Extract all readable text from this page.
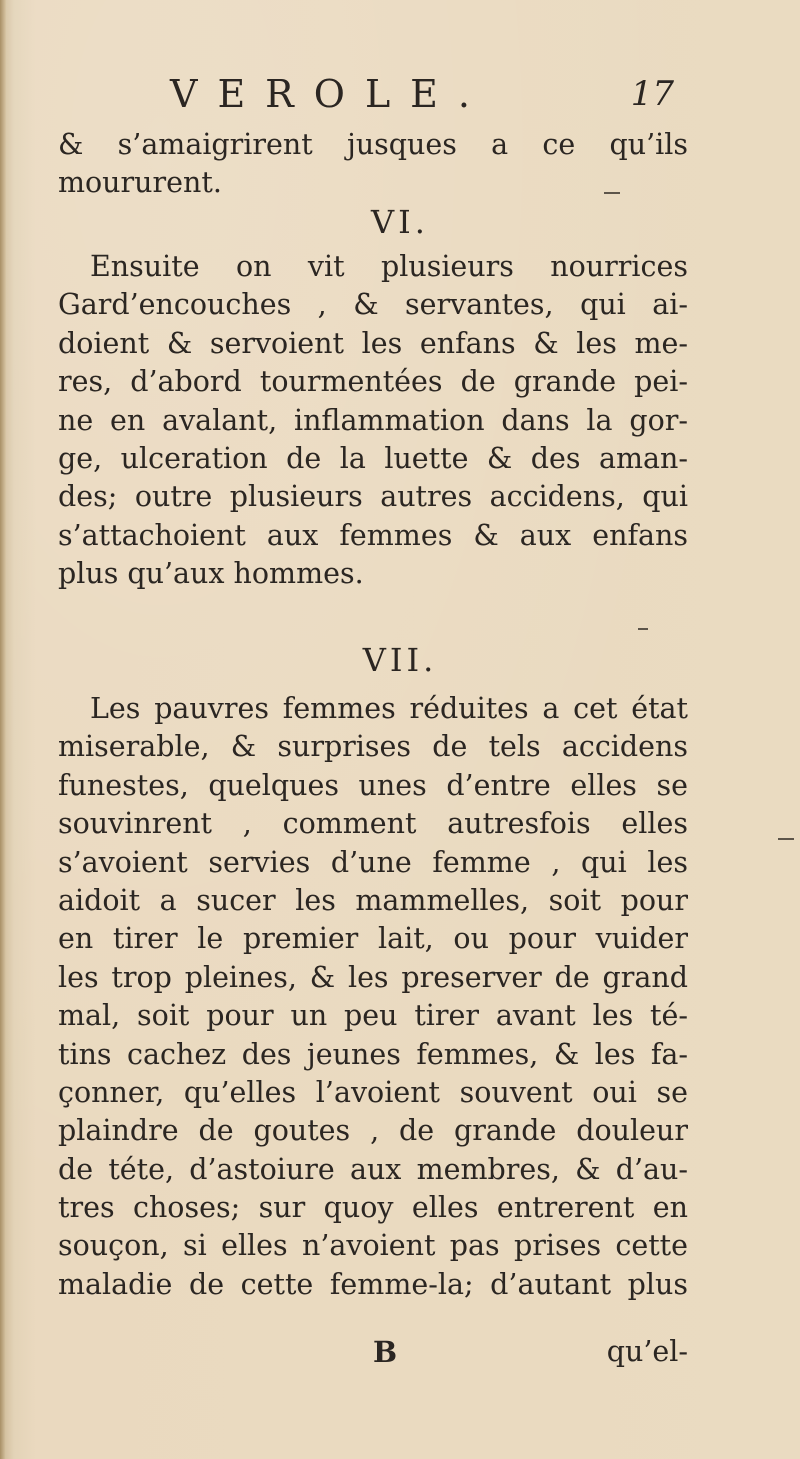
VEROLE.	17
& s’amaigrirent jusques a ce qu’ils
moururent.
VI.
Ensuite on vit plusieurs nourrices
Gard’encouches , & servantes, qui ai-
doient & servoient les enfans & les me-
res, d’abord tourmentées de grande pei-
ne en avalant, inflammation dans la gor-
ge, ulceration de la luette & des aman-
des; outre plusieurs autres accidens, qui
s’attachoient aux femmes & aux enfans
plus qu’aux hommes.
VII.
Les pauvres femmes réduites a cet état
miserable, & surprises de tels accidens
funestes, quelques unes d’entre elles se
souvinrent , comment autresfois elles
s’avoient servies d’une femme , qui les
aidoit a sucer les mammelles, soit pour
en tirer le premier lait, ou pour vuider
les trop pleines, & les preserver de grand
mal, soit pour un peu tirer avant les té-
tins cachez des jeunes femmes, & les fa-
çonner, qu’elles l’avoient souvent oui se
plaindre de goutes , de grande douleur
de téte, d’astoiure aux membres, & d’au-
tres choses; sur quoy elles entrerent en
souçon, si elles n’avoient pas prises cette
maladie de cette femme-la; d’autant plus
B	qu’el-
